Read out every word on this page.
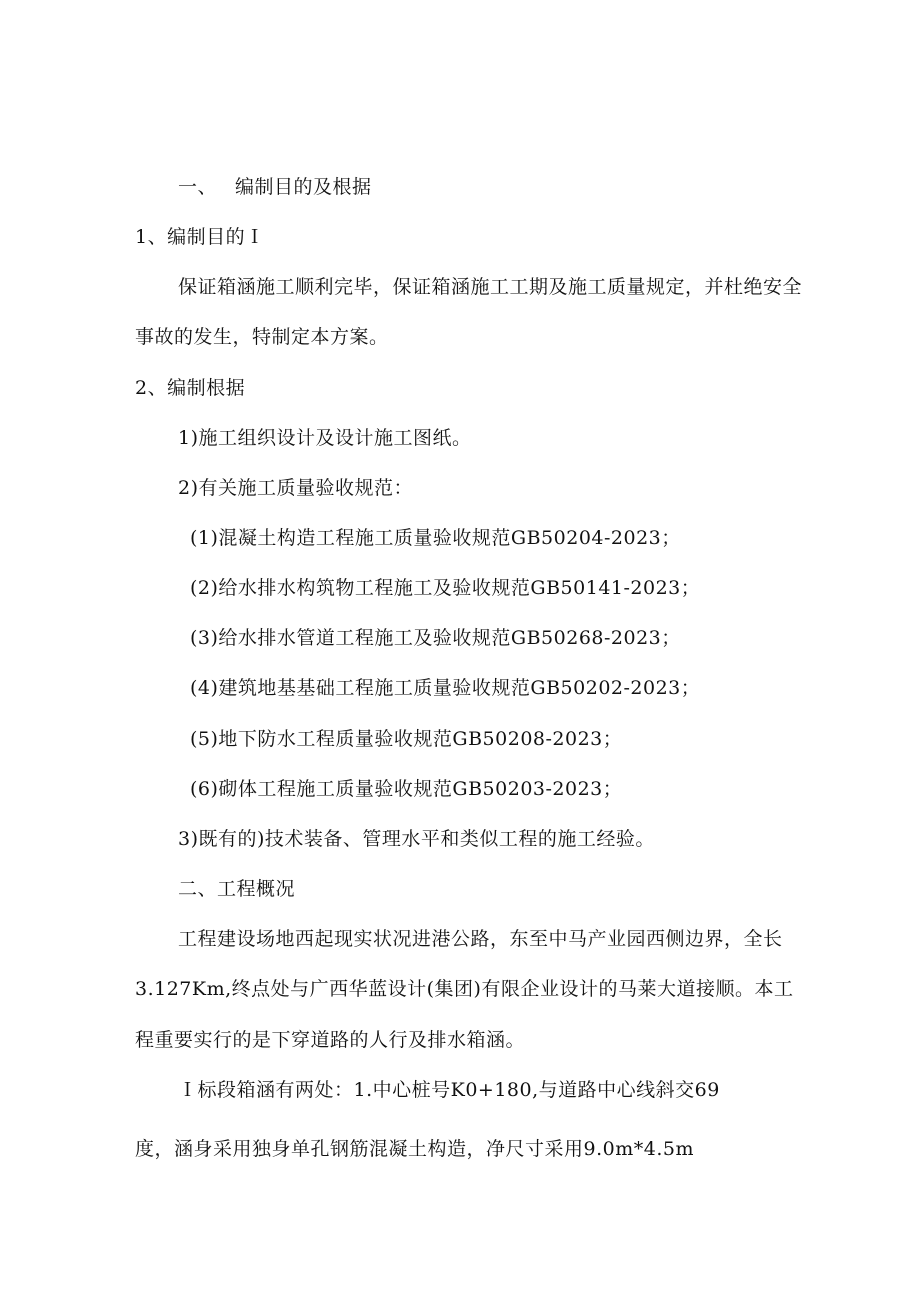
一、 编制目的及根据
1、编制目的Ｉ
保证箱涵施工顺利完毕，保证箱涵施工工期及施工质量规定，并杜绝安全
事故的发生，特制定本方案。
2、编制根据
1)施工组织设计及设计施工图纸。
2)有关施工质量验收规范：
(1)混凝土构造工程施工质量验收规范GB50204-2023；
(2)给水排水构筑物工程施工及验收规范GB50141-2023；
(3)给水排水管道工程施工及验收规范GB50268-2023；
(4)建筑地基基础工程施工质量验收规范GB50202-2023；
(5)地下防水工程质量验收规范GB50208-2023；
(6)砌体工程施工质量验收规范GB50203-2023；
3)既有的)技术装备、管理水平和类似工程的施工经验。
二、工程概况
工程建设场地西起现实状况进港公路，东至中马产业园西侧边界，全长
3.127Km,终点处与广西华蓝设计(集团)有限企业设计的马莱大道接顺。本工
程重要实行的是下穿道路的人行及排水箱涵。
Ｉ标段箱涵有两处：1.中心桩号K0+180,与道路中心线斜交69
度，涵身采用独身单孔钢筋混凝土构造，净尺寸采用9.0m*4.5m
